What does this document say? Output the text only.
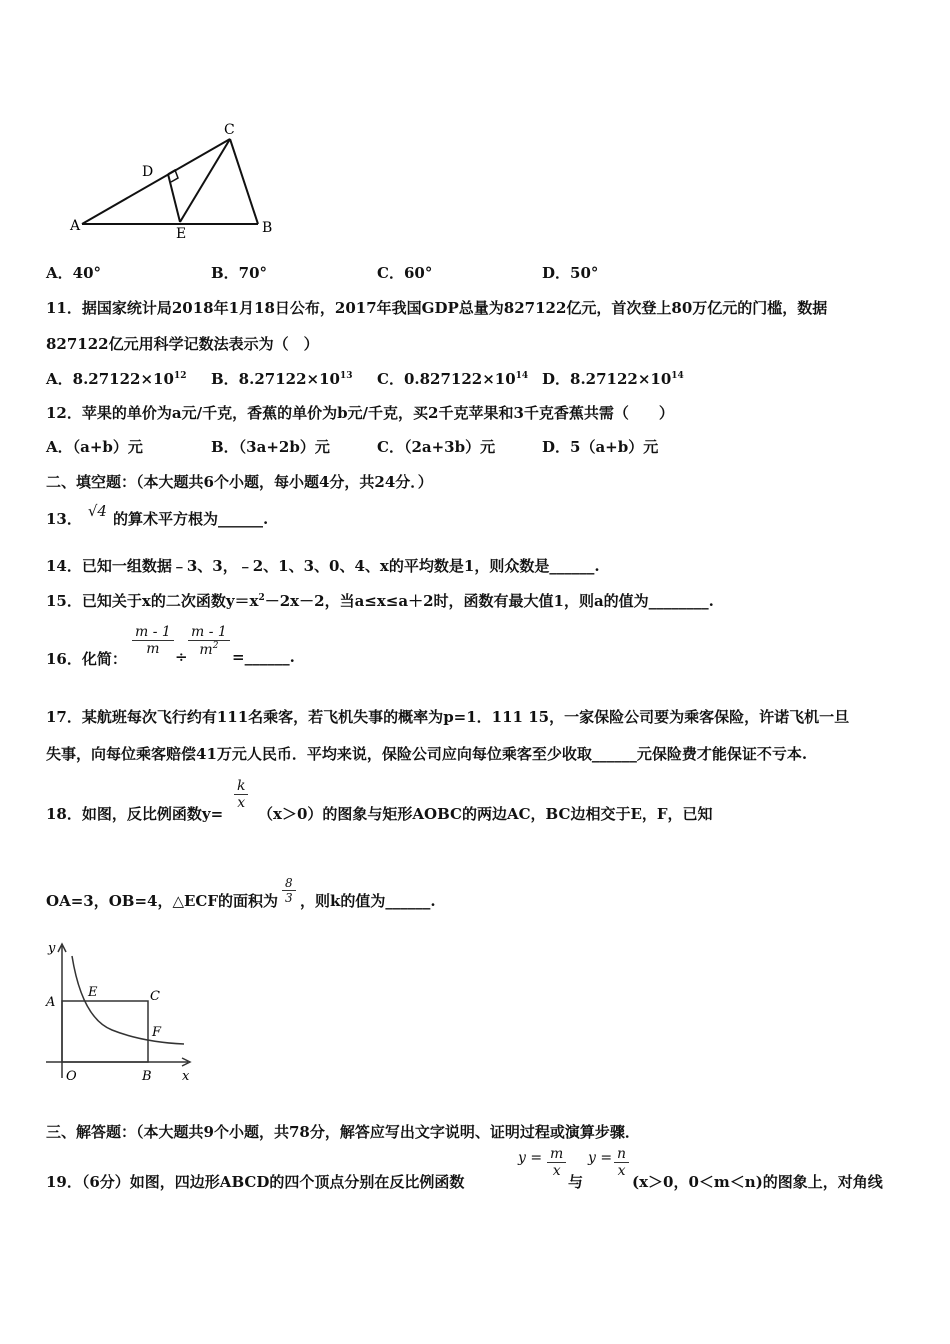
A	B
C
D
E
A．40°	B．70°	C．60°	D．50°
11．据国家统计局2018年1月18日公布，2017年我国GDP总量为827122亿元，首次登上80万亿元的门槛，数据
827122亿元用科学记数法表示为（　）
A．$8.27122\times 10^{12}$ B．$8.27122\times 10^{13}$ C．$0.827122\times 10^{14}$ D．$8.27122\times 10^{14}$
12．苹果的单价为a元/千克，香蕉的单价为b元/千克，买2千克苹果和3千克香蕉共需（　　）
A．（a+b）元	B．（3a+2b）元	C．（2a+3b）元	D．5（a+b）元
二、填空题：（本大题共6个小题，每小题4分，共24分．）
13． √4 的算术平方根为______.
14．已知一组数据﹣3、3，﹣2、1、3、0、4、x的平均数是1，则众数是______.
15．已知关于x的二次函数$y=x^2-2x-2$，当a≤x≤a＋2时，函数有最大值1，则a的值为________.
16．化简：
$\frac{m - 1}{m} \div \frac{m - 1}{m^2}$ =______.
17．某航班每次飞行约有111名乘客，若飞机失事的概率为p=1．111 15，一家保险公司要为乘客保险，许诺飞机一旦
失事，向每位乘客赔偿41万元人民币．平均来说，保险公司应向每位乘客至少收取______元保险费才能保证不亏本.
18．如图，反比例函数y=
$\frac{k}{x}$
（x＞0）的图象与矩形AOBC的两边AC，BC边相交于E，F，已知
OA=3，OB=4，△ECF的面积为 $\frac{8}{3}$ ，则k的值为______.
y
A
E	C
F
O	B x
三、解答题：（本大题共9个小题，共78分，解答应写出文字说明、证明过程或演算步骤．
19．（6分）如图，四边形ABCD的四个顶点分别在反比例函数
$y = \frac{m}{x}$
与
$y = \frac{n}{x}$
(x＞0，0＜m＜n)的图象上，对角线
